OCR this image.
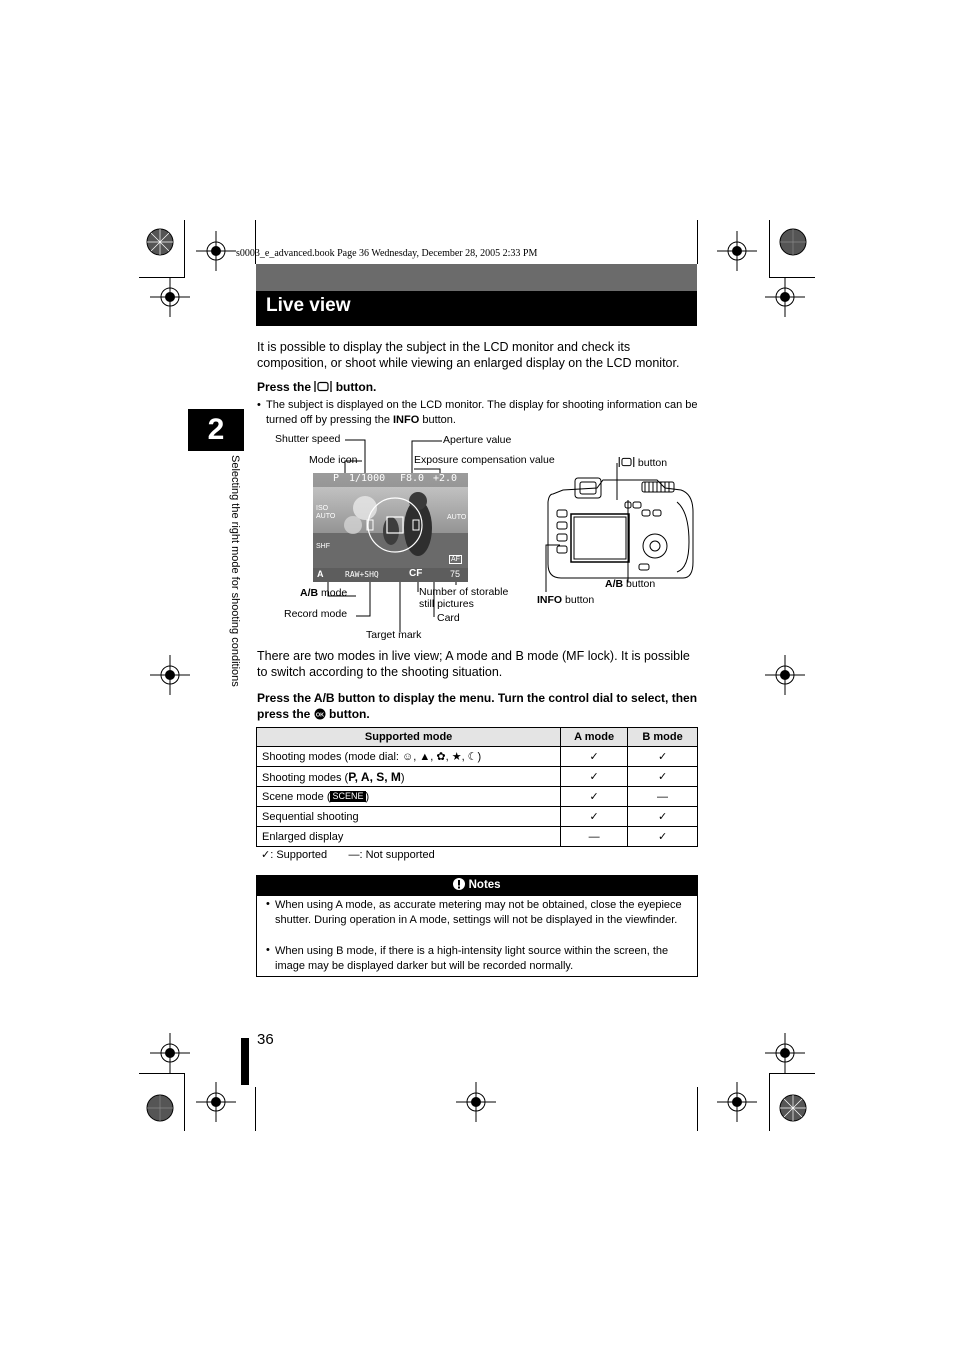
s0003_e_advanced.book Page 36 Wednesday, December 28, 2005 2:33 PM
Live view
2
Selecting the right mode for shooting conditions
It is possible to display the subject in the LCD monitor and check its composition, or shoot while viewing an enlarged display on the LCD monitor.
Press the  button.
• The subject is displayed on the LCD monitor. The display for shooting information can be turned off by pressing the INFO button.
Shutter speed	Aperture value
Mode icon	Exposure compensation value
A/B mode
Record mode
Target mark
Number of storable
still pictures
Card
button
A/B button
INFO button
P 1/1000 F8.0 +2.0
ISO AUTO	AUTO
SHF
AF
A	RAW+SHQ	CF	75
There are two modes in live view; A mode and B mode (MF lock). It is possible to switch according to the shooting situation.
Press the A/B button to display the menu. Turn the control dial to select, then press the OK button.
Supported mode	A mode	B mode
Shooting modes (mode dial: ☺, ▲, ✿, ★, ☾)	✓	✓
Shooting modes (P, A, S, M)	✓	✓
Scene mode ( SCENE )	✓	—
Sequential shooting	✓	✓
Enlarged display	—	✓
✓: Supported —: Not supported
Notes
• When using A mode, as accurate metering may not be obtained, close the eyepiece shutter. During operation in A mode, settings will not be displayed in the viewfinder.
• When using B mode, if there is a high-intensity light source within the screen, the image may be displayed darker but will be recorded normally.
36
